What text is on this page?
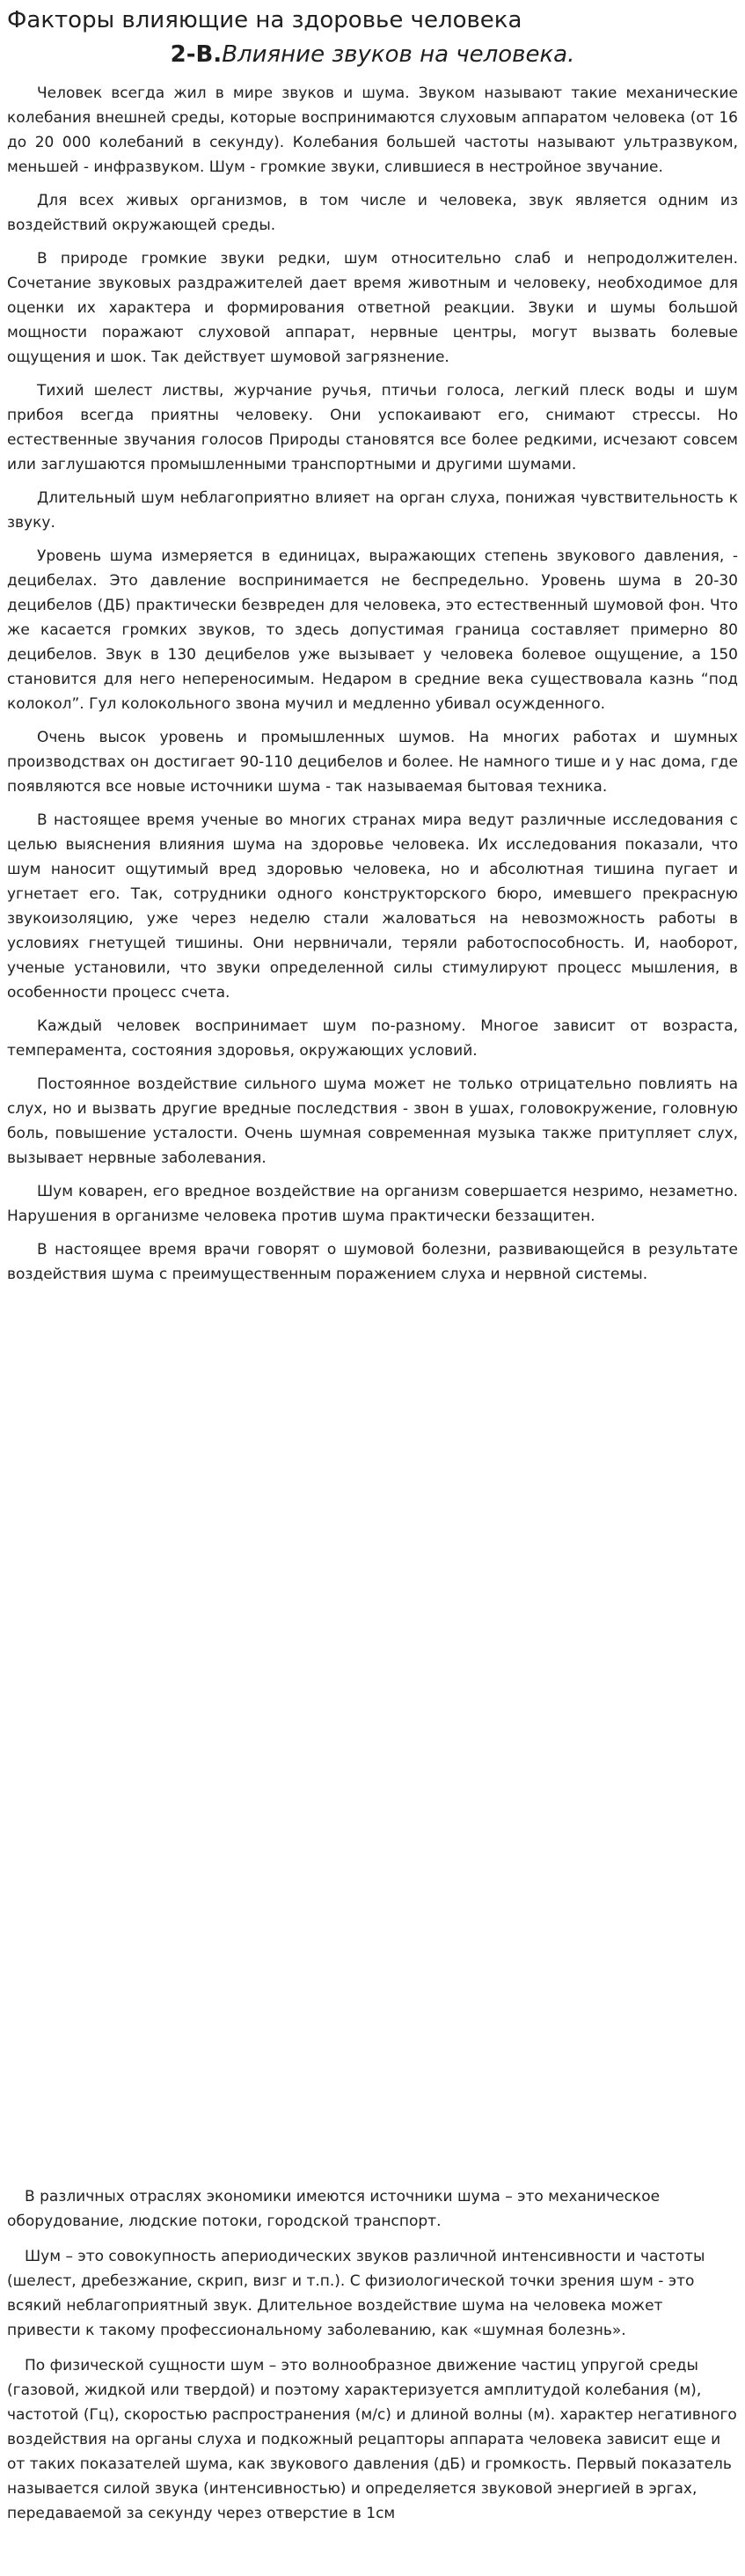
Факторы влияющие на здоровье человека
2-В.Влияние звуков на человека.

Человек всегда жил в мире звуков и шума. Звуком называют такие механические колебания внешней среды, которые воспринимаются слуховым аппаратом человека (от 16 до 20 000 колебаний в секунду). Колебания большей частоты называют ультразвуком, меньшей - инфразвуком. Шум - громкие звуки, слившиеся в нестройное звучание.

Для всех живых организмов, в том числе и человека, звук является одним из воздействий окружающей среды.

В природе громкие звуки редки, шум относительно слаб и непродолжителен. Сочетание звуковых раздражителей дает время животным и человеку, необходимое для оценки их характера и формирования ответной реакции. Звуки и шумы большой мощности поражают слуховой аппарат, нервные центры, могут вызвать болевые ощущения и шок. Так действует шумовой загрязнение.

Тихий шелест листвы, журчание ручья, птичьи голоса, легкий плеск воды и шум прибоя всегда приятны человеку. Они успокаивают его, снимают стрессы. Но естественные звучания голосов Природы становятся все более редкими, исчезают совсем или заглушаются промышленными транспортными и другими шумами.

Длительный шум неблагоприятно влияет на орган слуха, понижая чувствительность к звуку.

Уровень шума измеряется в единицах, выражающих степень звукового давления, - децибелах. Это давление воспринимается не беспредельно. Уровень шума в 20-30 децибелов (ДБ) практически безвреден для человека, это естественный шумовой фон. Что же касается громких звуков, то здесь допустимая граница составляет примерно 80 децибелов. Звук в 130 децибелов уже вызывает у человека болевое ощущение, а 150 становится для него непереносимым. Недаром в средние века существовала казнь “под колокол”. Гул колокольного звона мучил и медленно убивал осужденного.

Очень высок уровень и промышленных шумов. На многих работах и шумных производствах он достигает 90-110 децибелов и более. Не намного тише и у нас дома, где появляются все новые источники шума - так называемая бытовая техника.

В настоящее время ученые во многих странах мира ведут различные исследования с целью выяснения влияния шума на здоровье человека. Их исследования показали, что шум наносит ощутимый вред здоровью человека, но и абсолютная тишина пугает и угнетает его. Так, сотрудники одного конструкторского бюро, имевшего прекрасную звукоизоляцию, уже через неделю стали жаловаться на невозможность работы в условиях гнетущей тишины. Они нервничали, теряли работоспособность. И, наоборот, ученые установили, что звуки определенной силы стимулируют процесс мышления, в особенности процесс счета.

Каждый человек воспринимает шум по-разному. Многое зависит от возраста, темперамента, состояния здоровья, окружающих условий.

Постоянное воздействие сильного шума может не только отрицательно повлиять на слух, но и вызвать другие вредные последствия - звон в ушах, головокружение, головную боль, повышение усталости. Очень шумная современная музыка также притупляет слух, вызывает нервные заболевания.

Шум коварен, его вредное воздействие на организм совершается незримо, незаметно. Нарушения в организме человека против шума практически беззащитен.

В настоящее время врачи говорят о шумовой болезни, развивающейся в результате воздействия шума с преимущественным поражением слуха и нервной системы.

В различных отраслях экономики имеются источники шума – это механическое оборудование, людские потоки, городской транспорт.

Шум – это совокупность апериодических звуков различной интенсивности и частоты (шелест, дребезжание, скрип, визг и т.п.). С физиологической точки зрения шум - это всякий неблагоприятный звук. Длительное воздействие шума на человека может привести к такому профессиональному заболеванию, как «шумная болезнь».

По физической сущности шум – это волнообразное движение частиц упругой среды (газовой, жидкой или твердой) и поэтому характеризуется амплитудой колебания (м), частотой (Гц), скоростью распространения (м/с) и длиной волны (м). характер негативного воздействия на органы слуха и подкожный рецапторы аппарата человека зависит еще и от таких показателей шума, как звукового давления (дБ) и громкость. Первый показатель называется силой звука (интенсивностью) и определяется звуковой энергией в эргах, передаваемой за секунду через отверстие в 1см
